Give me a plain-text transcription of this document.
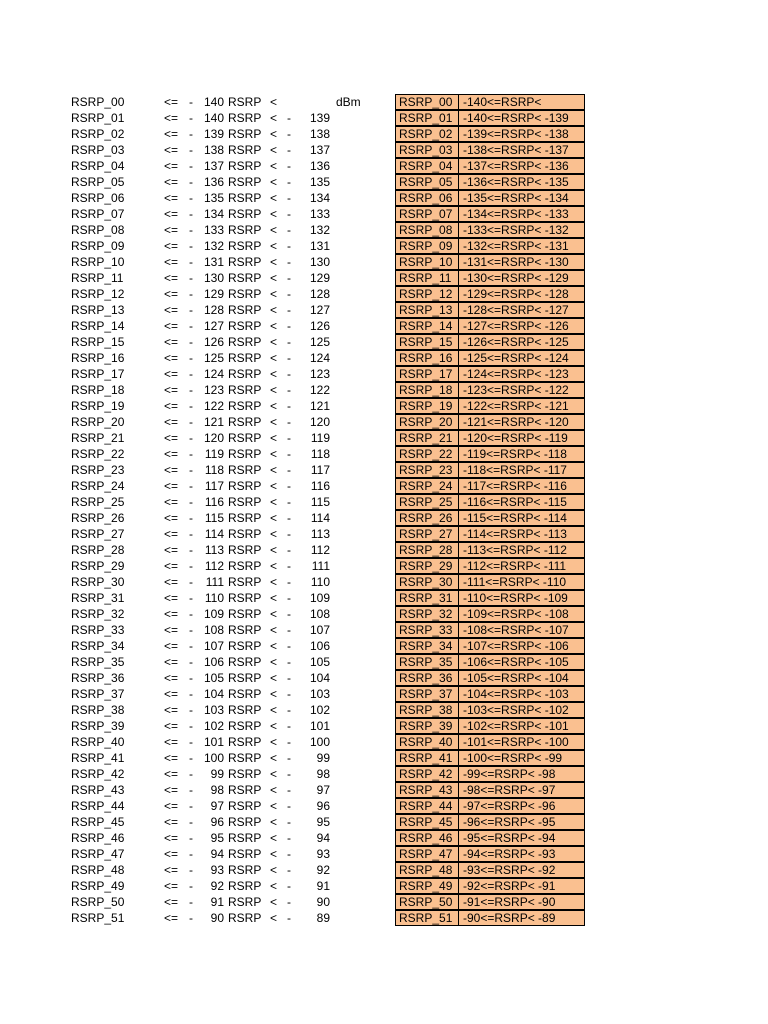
RSRP_00	<= - 140 RSRP <	RSRP_00 -140<=RSRP<
dBm
RSRP_01	<= - 140 RSRP < -	139	RSRP_01 -140<=RSRP< -139
RSRP_02	<= - 139 RSRP < -	138	RSRP_02 -139<=RSRP< -138
RSRP_03	<= - 138 RSRP < -	137	RSRP_03 -138<=RSRP< -137
RSRP_04	<= - 137 RSRP < -	136	RSRP_04 -137<=RSRP< -136
RSRP_05	<= - 136 RSRP < -	135	RSRP_05 -136<=RSRP< -135
RSRP_06	<= - 135 RSRP < -	134	RSRP_06 -135<=RSRP< -134
RSRP_07	<= - 134 RSRP < -	133	RSRP_07 -134<=RSRP< -133
RSRP_08	<= - 133 RSRP < -	132	RSRP_08 -133<=RSRP< -132
RSRP_09	<= - 132 RSRP < -	131	RSRP_09 -132<=RSRP< -131
RSRP_10	<= - 131 RSRP < -	130	RSRP_10 -131<=RSRP< -130
RSRP_11	<= - 130 RSRP < -	129	RSRP_11 -130<=RSRP< -129
RSRP_12	<= - 129 RSRP < -	128	RSRP_12 -129<=RSRP< -128
RSRP_13	<= - 128 RSRP < -	127	RSRP_13 -128<=RSRP< -127
RSRP_14	<= - 127 RSRP < -	126	RSRP_14 -127<=RSRP< -126
RSRP_15	<= - 126 RSRP < -	125	RSRP_15 -126<=RSRP< -125
RSRP_16	<= - 125 RSRP < -	124	RSRP_16 -125<=RSRP< -124
RSRP_17	<= - 124 RSRP < -	123	RSRP_17 -124<=RSRP< -123
RSRP_18	<= - 123 RSRP < -	122	RSRP_18 -123<=RSRP< -122
RSRP_19	<= - 122 RSRP < -	121	RSRP_19 -122<=RSRP< -121
RSRP_20	<= - 121 RSRP < -	120	RSRP_20 -121<=RSRP< -120
RSRP_21	<= - 120 RSRP < -	119	RSRP_21 -120<=RSRP< -119
RSRP_22	<= - 119 RSRP < -	118	RSRP_22 -119<=RSRP< -118
RSRP_23	<= - 118 RSRP < -	117	RSRP_23 -118<=RSRP< -117
RSRP_24	<= - 117 RSRP < -	116	RSRP_24 -117<=RSRP< -116
RSRP_25	<= - 116 RSRP < -	115	RSRP_25 -116<=RSRP< -115
RSRP_26	<= - 115 RSRP < -	114	RSRP_26 -115<=RSRP< -114
RSRP_27	<= - 114 RSRP < -	113	RSRP_27 -114<=RSRP< -113
RSRP_28	<= - 113 RSRP < -	112	RSRP_28 -113<=RSRP< -112
RSRP_29	<= - 112 RSRP < -	111	RSRP_29 -112<=RSRP< -111
RSRP_30	<= -	111 RSRP < -	110	RSRP_30 -111<=RSRP< -110
RSRP_31	<= - 110 RSRP < -	109	RSRP_31 -110<=RSRP< -109
RSRP_32	<= - 109 RSRP < -	108	RSRP_32 -109<=RSRP< -108
RSRP_33	<= - 108 RSRP < -	107	RSRP_33 -108<=RSRP< -107
RSRP_34	<= - 107 RSRP < -	106	RSRP_34 -107<=RSRP< -106
RSRP_35	<= - 106 RSRP < -	105	RSRP_35 -106<=RSRP< -105
RSRP_36	<= - 105 RSRP < -	104	RSRP_36 -105<=RSRP< -104
RSRP_37	<= - 104 RSRP < -	103	RSRP_37 -104<=RSRP< -103
RSRP_38	<= - 103 RSRP < -	102	RSRP_38 -103<=RSRP< -102
RSRP_39	<= - 102 RSRP < -	101	RSRP_39 -102<=RSRP< -101
RSRP_40	<= - 101 RSRP < -	100	RSRP_40 -101<=RSRP< -100
RSRP_41	<= - 100 RSRP < -	99	RSRP_41 -100<=RSRP< -99
RSRP_42	<= -	99 RSRP < -	98	RSRP_42 -99<=RSRP< -98
RSRP_43	<= -	98 RSRP < -	97	RSRP_43 -98<=RSRP< -97
RSRP_44	<= -	97 RSRP < -	96	RSRP_44 -97<=RSRP< -96
RSRP_45	<= -	96 RSRP < -	95	RSRP_45 -96<=RSRP< -95
RSRP_46	<= -	95 RSRP < -	94	RSRP_46 -95<=RSRP< -94
RSRP_47	<= -	94 RSRP < -	93	RSRP_47 -94<=RSRP< -93
RSRP_48	<= -	93 RSRP < -	92	RSRP_48 -93<=RSRP< -92
RSRP_49	<= -	92 RSRP < -	91	RSRP_49 -92<=RSRP< -91
RSRP_50	<= -	91 RSRP < -	90	RSRP_50 -91<=RSRP< -90
RSRP_51	<= -	90 RSRP < -	89	RSRP_51 -90<=RSRP< -89
